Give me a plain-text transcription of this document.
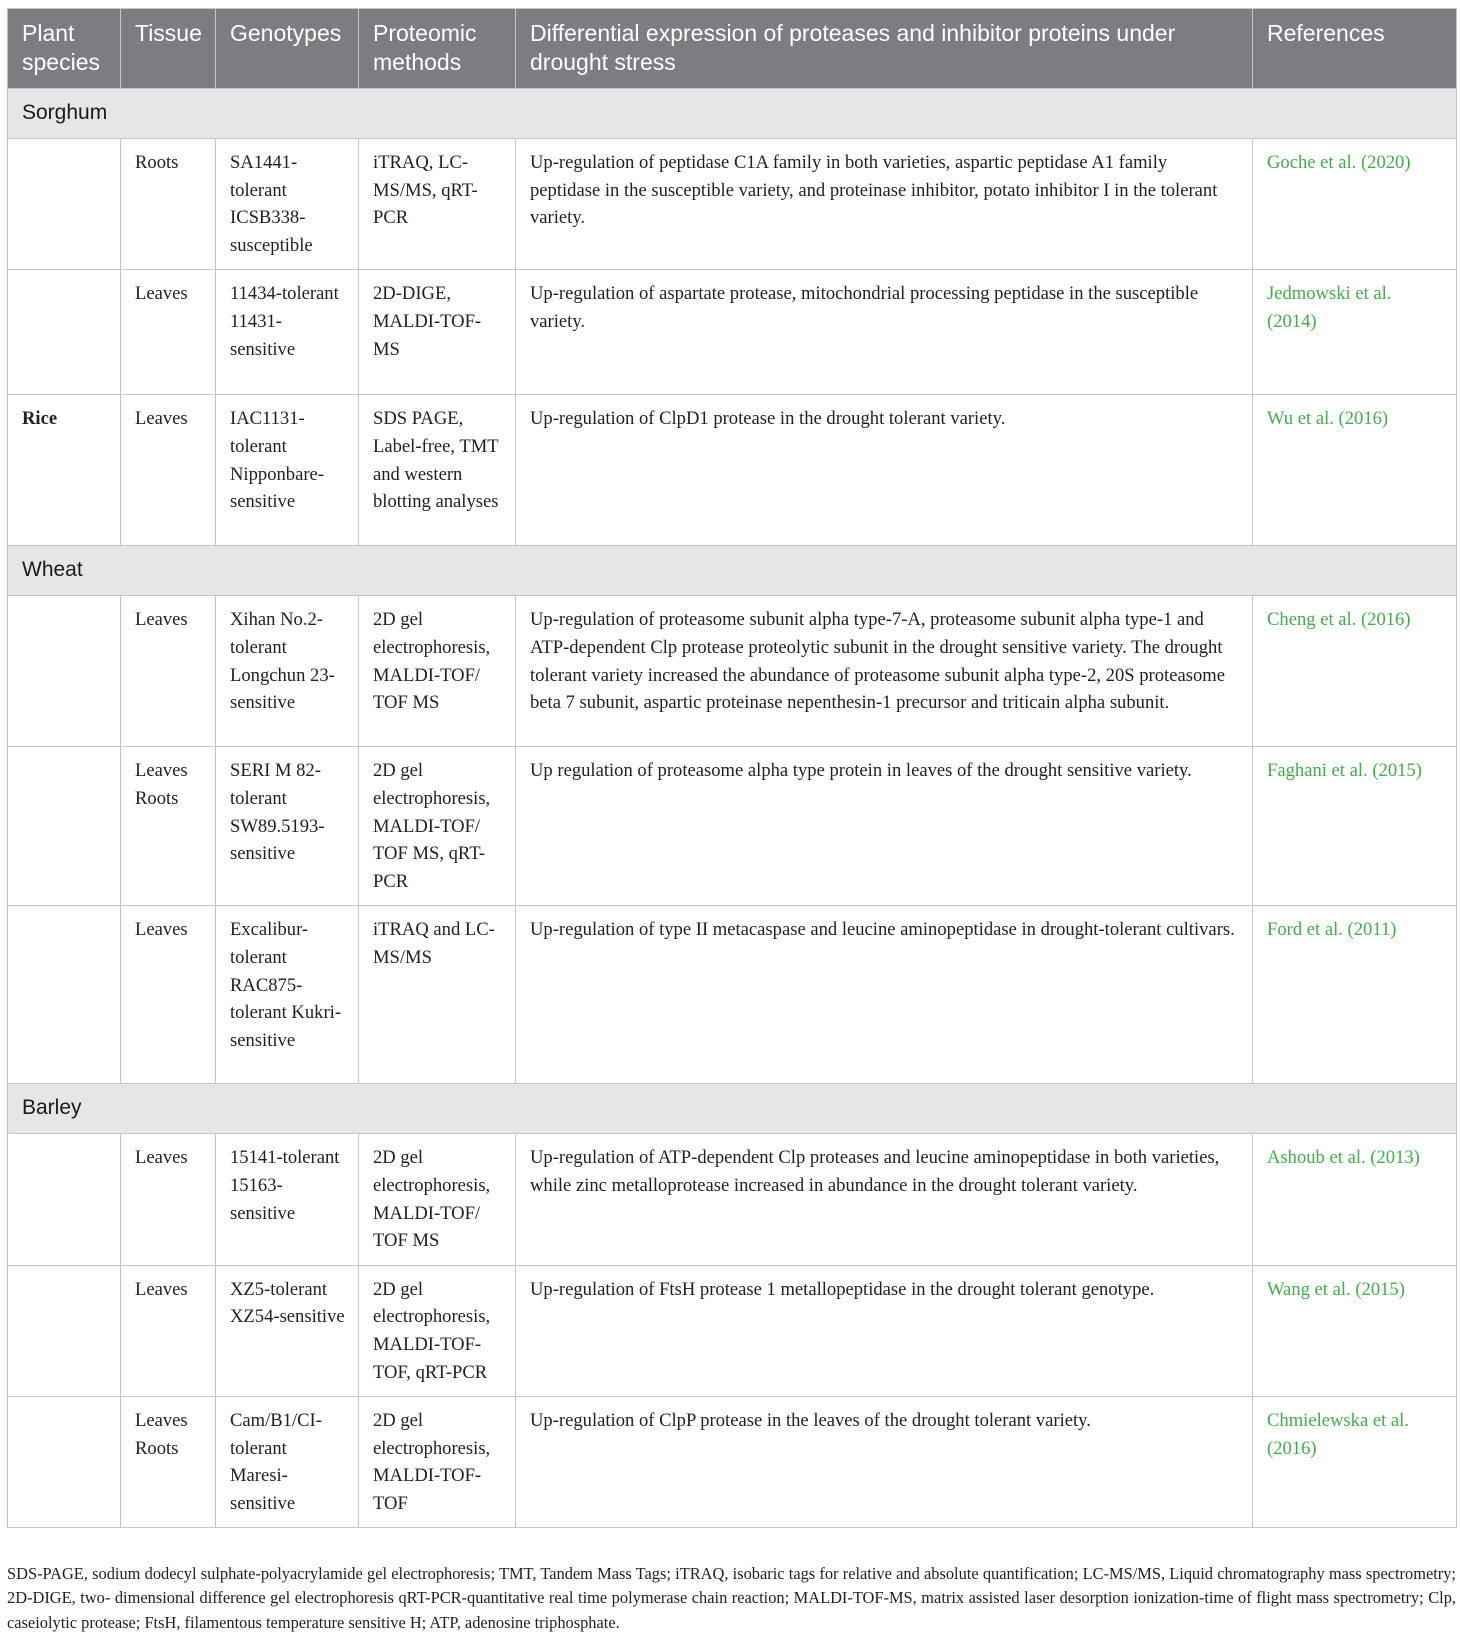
Plant species	Tissue	Genotypes	Proteomic methods	Differential expression of proteases and inhibitor proteins under drought stress	References
Sorghum					
	Roots	SA1441-tolerant ICSB338-susceptible	iTRAQ, LC-MS/MS, qRT-PCR	Up-regulation of peptidase C1A family in both varieties, aspartic peptidase A1 family peptidase in the susceptible variety, and proteinase inhibitor, potato inhibitor I in the tolerant variety.	Goche et al. (2020)
	Leaves	11434-tolerant 11431-sensitive	2D-DIGE, MALDI-TOF-MS	Up-regulation of aspartate protease, mitochondrial processing peptidase in the susceptible variety.	Jedmowski et al. (2014)
Rice	Leaves	IAC1131-tolerant Nipponbare-sensitive	SDS PAGE, Label-free, TMT and western blotting analyses	Up-regulation of ClpD1 protease in the drought tolerant variety.	Wu et al. (2016)
Wheat					
	Leaves	Xihan No.2-tolerant Longchun 23-sensitive	2D gel electrophoresis, MALDI-TOF/ TOF MS	Up-regulation of proteasome subunit alpha type-7-A, proteasome subunit alpha type-1 and ATP-dependent Clp protease proteolytic subunit in the drought sensitive variety. The drought tolerant variety increased the abundance of proteasome subunit alpha type-2, 20S proteasome beta 7 subunit, aspartic proteinase nepenthesin-1 precursor and triticain alpha subunit.	Cheng et al. (2016)
	Leaves Roots	SERI M 82-tolerant SW89.5193-sensitive	2D gel electrophoresis, MALDI-TOF/ TOF MS, qRT-PCR	Up regulation of proteasome alpha type protein in leaves of the drought sensitive variety.	Faghani et al. (2015)
	Leaves	Excalibur-tolerant RAC875-tolerant Kukri-sensitive	iTRAQ and LC-MS/MS	Up-regulation of type II metacaspase and leucine aminopeptidase in drought-tolerant cultivars.	Ford et al. (2011)
Barley					
	Leaves	15141-tolerant 15163-sensitive	2D gel electrophoresis, MALDI-TOF/ TOF MS	Up-regulation of ATP-dependent Clp proteases and leucine aminopeptidase in both varieties, while zinc metalloprotease increased in abundance in the drought tolerant variety.	Ashoub et al. (2013)
	Leaves	XZ5-tolerant XZ54-sensitive	2D gel electrophoresis, MALDI-TOF-TOF, qRT-PCR	Up-regulation of FtsH protease 1 metallopeptidase in the drought tolerant genotype.	Wang et al. (2015)
	Leaves Roots	Cam/B1/CI-tolerant Maresi-sensitive	2D gel electrophoresis, MALDI-TOF-TOF	Up-regulation of ClpP protease in the leaves of the drought tolerant variety.	Chmielewska et al. (2016)
SDS-PAGE, sodium dodecyl sulphate-polyacrylamide gel electrophoresis; TMT, Tandem Mass Tags; iTRAQ, isobaric tags for relative and absolute quantification; LC-MS/MS, Liquid chromatography mass spectrometry; 2D-DIGE, two- dimensional difference gel electrophoresis qRT-PCR-quantitative real time polymerase chain reaction; MALDI-TOF-MS, matrix assisted laser desorption ionization-time of flight mass spectrometry; Clp, caseiolytic protease; FtsH, filamentous temperature sensitive H; ATP, adenosine triphosphate.
